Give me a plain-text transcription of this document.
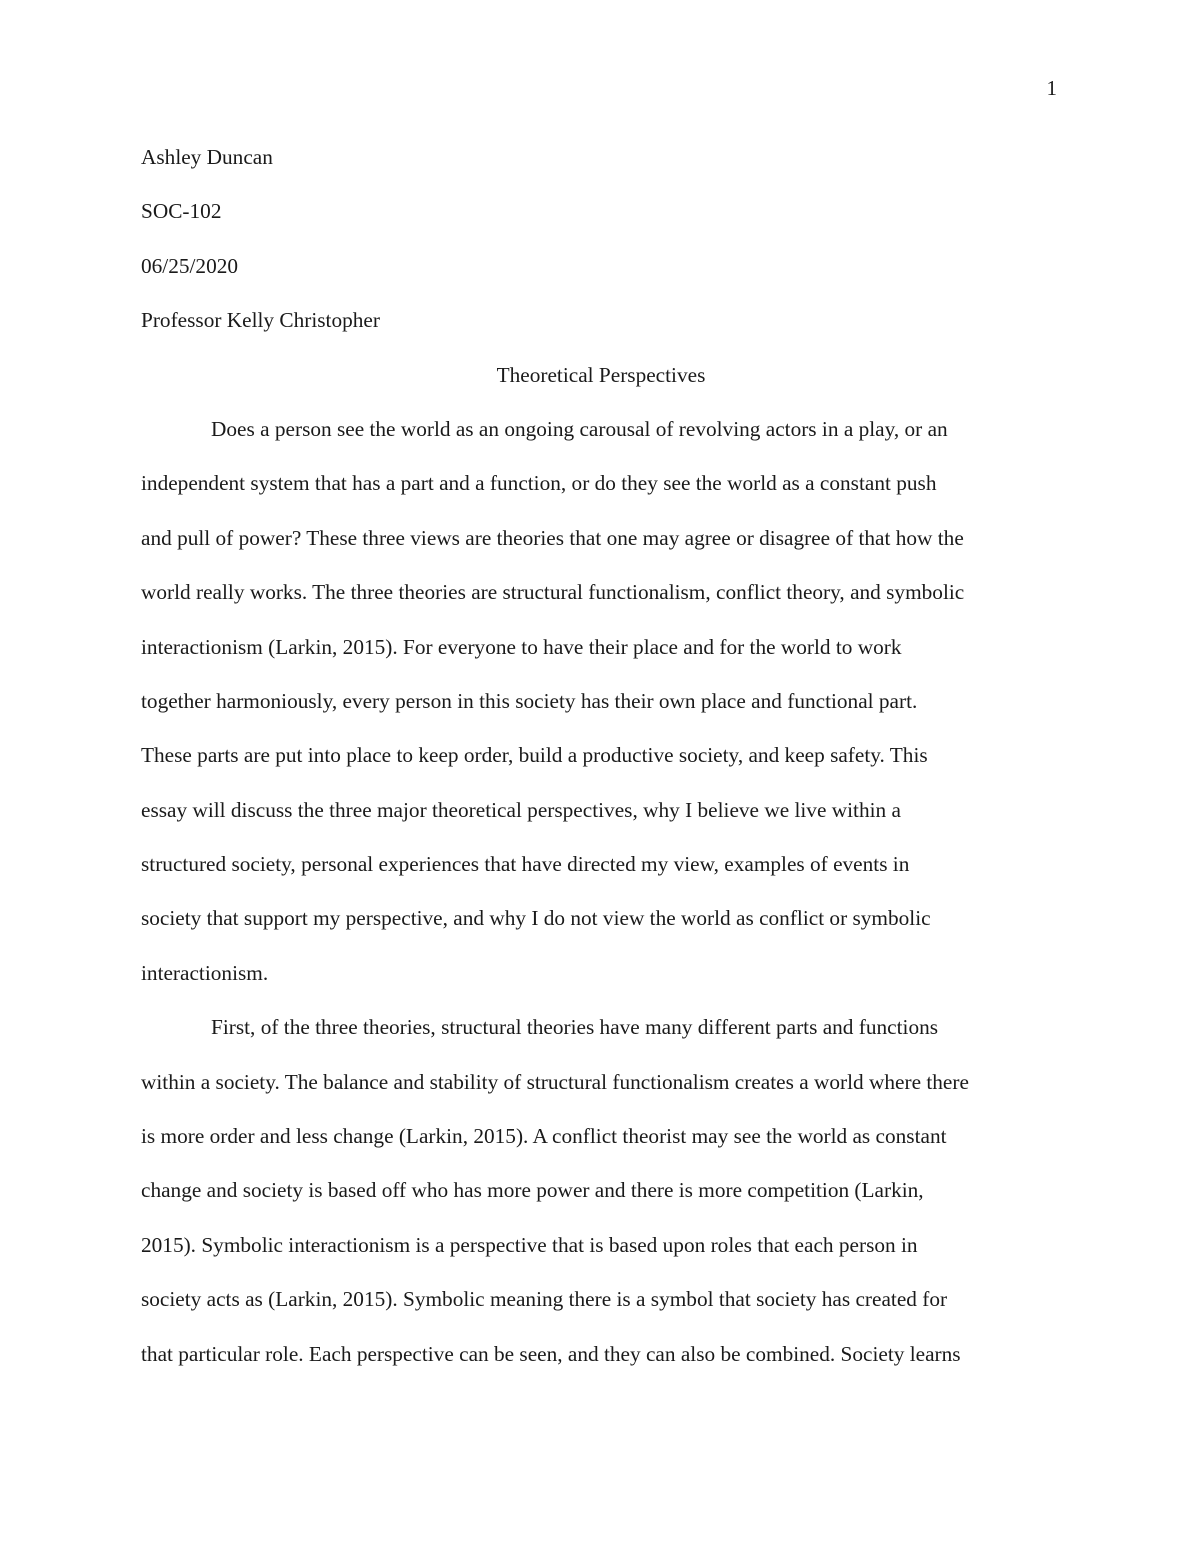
1
Ashley Duncan
SOC-102
06/25/2020
Professor Kelly Christopher
Theoretical Perspectives
Does a person see the world as an ongoing carousal of revolving actors in a play, or an
independent system that has a part and a function, or do they see the world as a constant push
and pull of power? These three views are theories that one may agree or disagree of that how the
world really works. The three theories are structural functionalism, conflict theory, and symbolic
interactionism (Larkin, 2015). For everyone to have their place and for the world to work
together harmoniously, every person in this society has their own place and functional part.
These parts are put into place to keep order, build a productive society, and keep safety. This
essay will discuss the three major theoretical perspectives, why I believe we live within a
structured society, personal experiences that have directed my view, examples of events in
society that support my perspective, and why I do not view the world as conflict or symbolic
interactionism.
First, of the three theories, structural theories have many different parts and functions
within a society. The balance and stability of structural functionalism creates a world where there
is more order and less change (Larkin, 2015). A conflict theorist may see the world as constant
change and society is based off who has more power and there is more competition (Larkin,
2015). Symbolic interactionism is a perspective that is based upon roles that each person in
society acts as (Larkin, 2015). Symbolic meaning there is a symbol that society has created for
that particular role. Each perspective can be seen, and they can also be combined. Society learns
